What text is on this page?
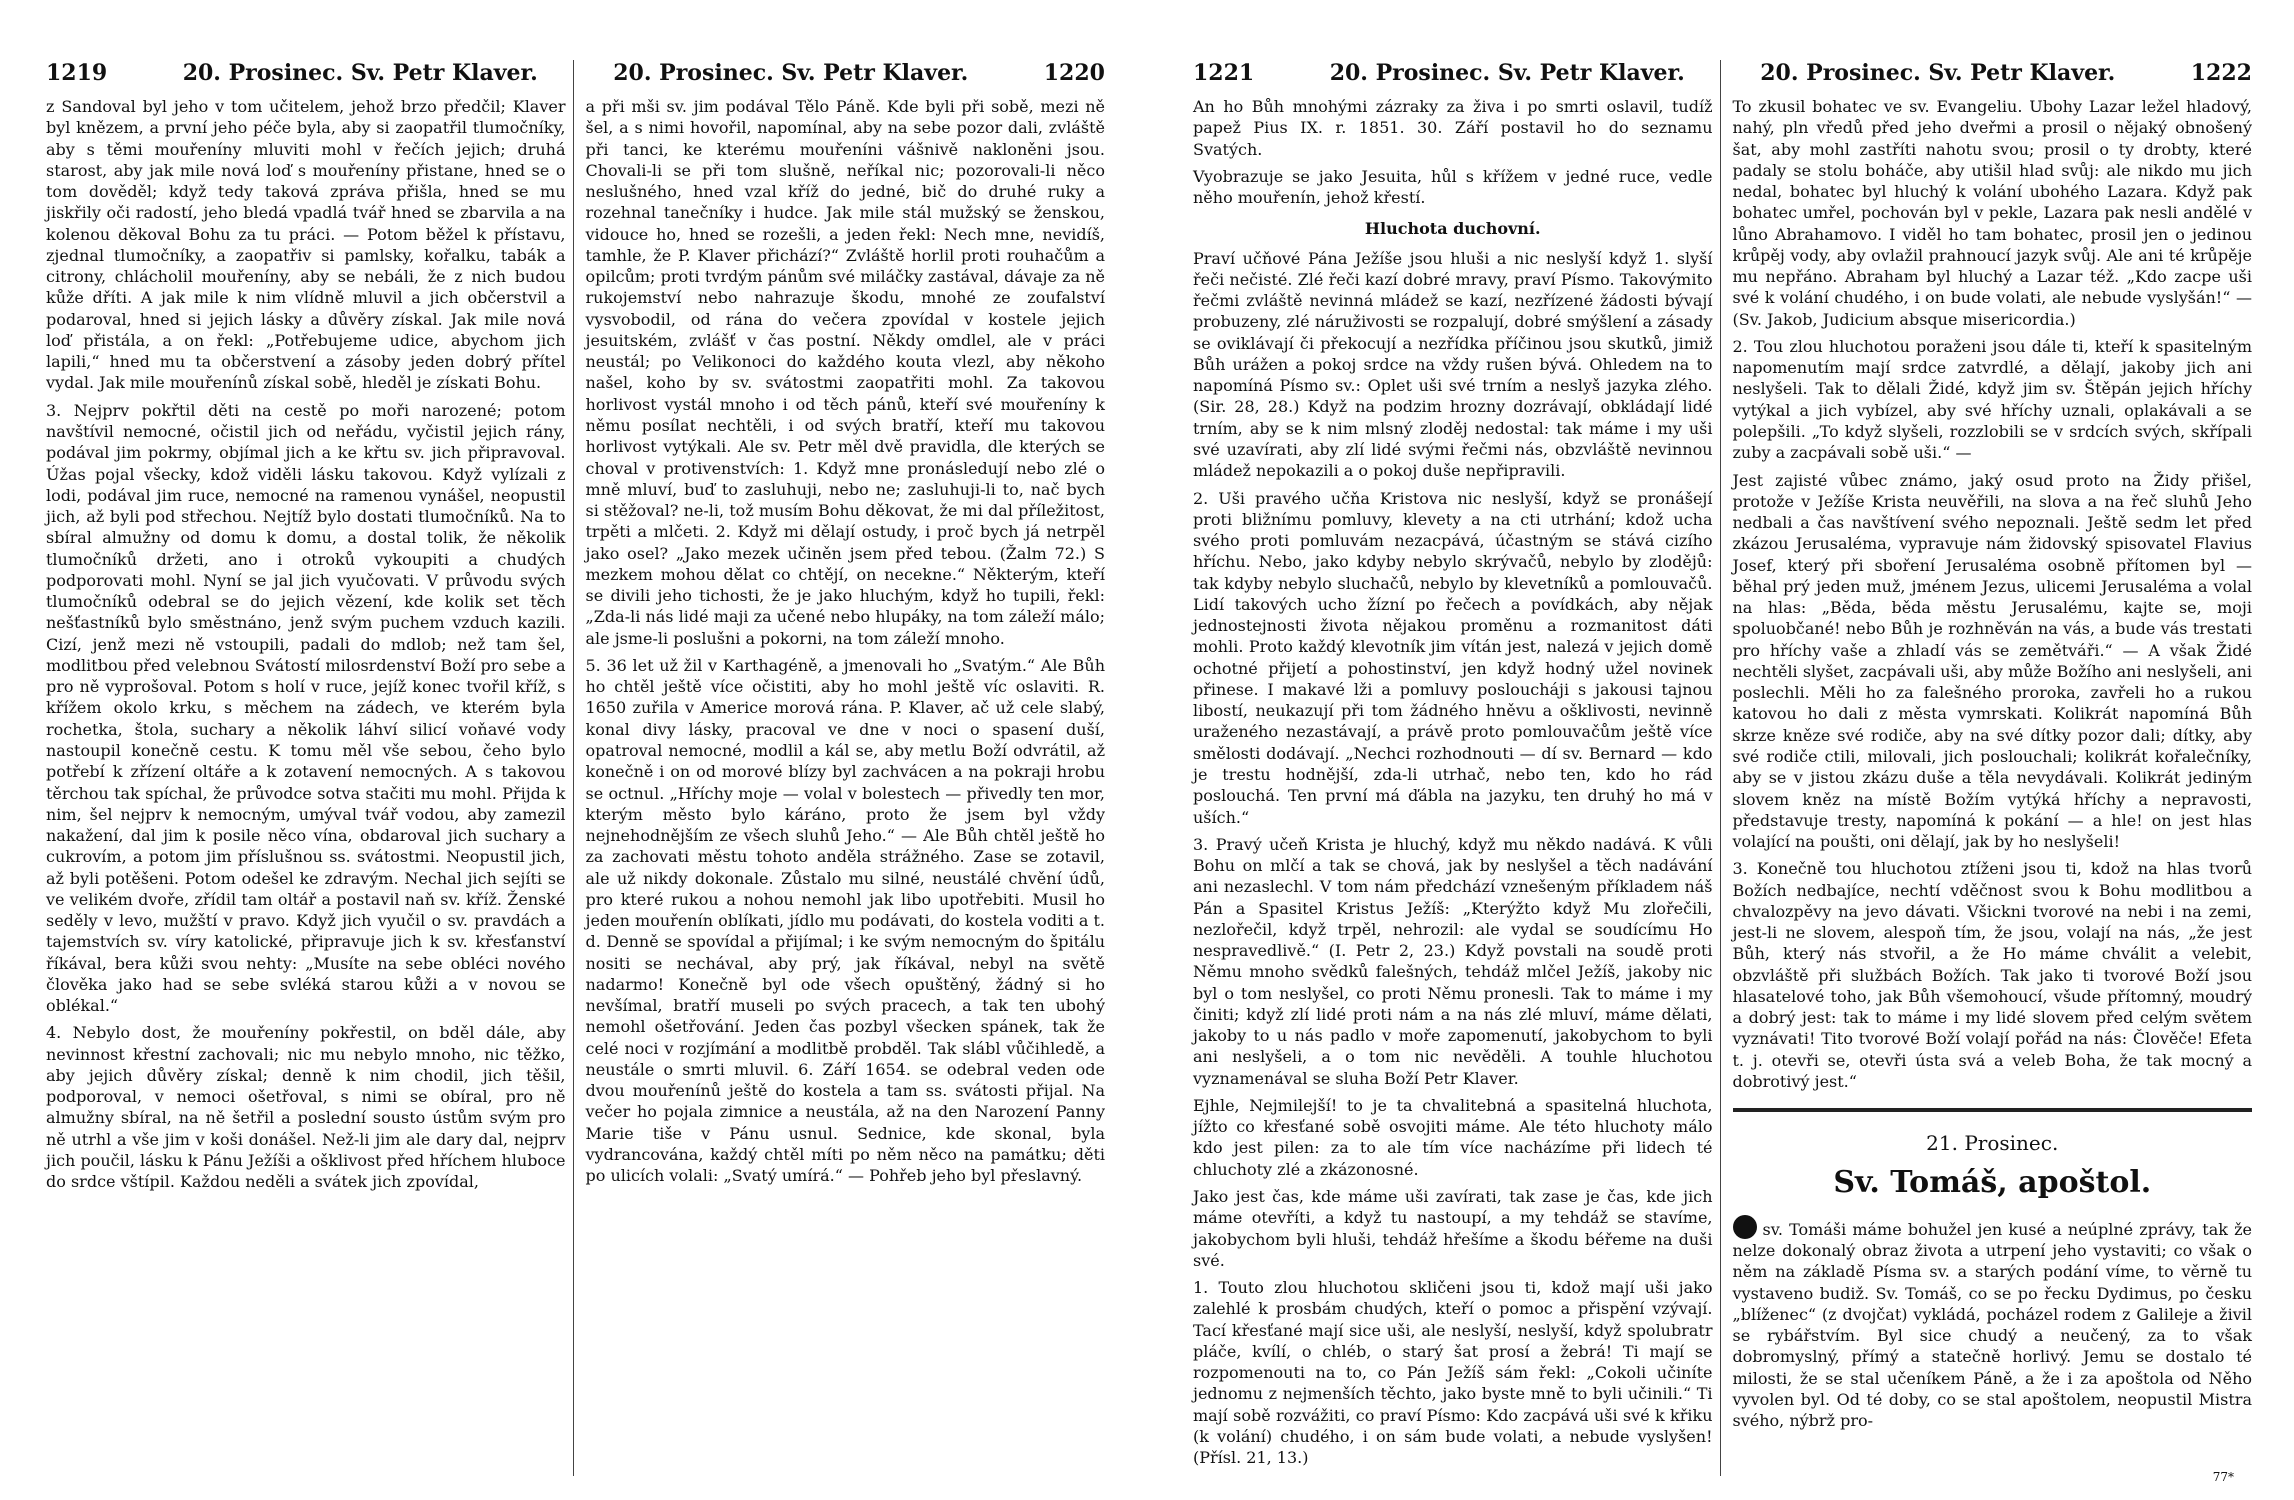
1219	20. Prosinec. Sv. Petr Klaver.	20. Prosinec. Sv. Petr Klaver.	1220

z Sandoval byl jeho v tom učitelem, jehož brzo předčil; Klaver byl knězem, a první jeho péče byla, aby si zaopatřil tlumočníky, aby s těmi mouřeníny mluviti mohl v řečích jejich; druhá starost, aby jak mile nová loď s mouřeníny přistane, hned se o tom dověděl; když tedy taková zpráva přišla, hned se mu jiskřily oči radostí, jeho bledá vpadlá tvář hned se zbarvila a na kolenou děkoval Bohu za tu práci. — Potom běžel k přístavu, zjednal tlumočníky, a zaopatřiv si pamlsky, kořalku, tabák a citrony, chlácholil mouřeníny, aby se nebáli, že z nich budou kůže dříti. A jak mile k nim vlídně mluvil a jich občerstvil a podaroval, hned si jejich lásky a důvěry získal. Jak mile nová loď přistála, a on řekl: „Potřebujeme udice, abychom jich lapili,“ hned mu ta občerstvení a zásoby jeden dobrý přítel vydal. Jak mile mouřenínů získal sobě, hleděl je získati Bohu.

3. Nejprv pokřtil děti na cestě po moři narozené; potom navštívil nemocné, očistil jich od neřádu, vyčistil jejich rány, podával jim pokrmy, objímal jich a ke křtu sv. jich připravoval. Úžas pojal všecky, kdož viděli lásku takovou. Když vylízali z lodi, podával jim ruce, nemocné na ramenou vynášel, neopustil jich, až byli pod střechou. Nejtíž bylo dostati tlumočníků. Na to sbíral almužny od domu k domu, a dostal tolik, že několik tlumočníků držeti, ano i otroků vykoupiti a chudých podporovati mohl. Nyní se jal jich vyučovati. V průvodu svých tlumočníků odebral se do jejich vězení, kde kolik set těch nešťastníků bylo směstnáno, jenž svým puchem vzduch kazili. Cizí, jenž mezi ně vstoupili, padali do mdlob; než tam šel, modlitbou před velebnou Svátostí milosrdenství Boží pro sebe a pro ně vyprošoval. Potom s holí v ruce, jejíž konec tvořil kříž, s křížem okolo krku, s měchem na zádech, ve kterém byla rochetka, štola, suchary a několik láhví silicí voňavé vody nastoupil konečně cestu. K tomu měl vše sebou, čeho bylo potřebí k zřízení oltáře a k zotavení nemocných. A s takovou těrchou tak spíchal, že průvodce sotva stačiti mu mohl. Přijda k nim, šel nejprv k nemocným, umýval tvář vodou, aby zamezil nakažení, dal jim k posile něco vína, obdaroval jich suchary a cukrovím, a potom jim příslušnou ss. svátostmi. Neopustil jich, až byli potěšeni. Potom odešel ke zdravým. Nechal jich sejíti se ve velikém dvoře, zřídil tam oltář a postavil naň sv. kříž. Ženské seděly v levo, mužští v pravo. Když jich vyučil o sv. pravdách a tajemstvích sv. víry katolické, připravuje jich k sv. křesťanství říkával, bera kůži svou nehty: „Musíte na sebe obléci nového člověka jako had se sebe svléká starou kůži a v novou se oblékal.“

4. Nebylo dost, že mouřeníny pokřestil, on bděl dále, aby nevinnost křestní zachovali; nic mu nebylo mnoho, nic těžko, aby jejich důvěry získal; denně k nim chodil, jich těšil, podporoval, v nemoci ošetřoval, s nimi se obíral, pro ně almužny sbíral, na ně šetřil a poslední sousto ústům svým pro ně utrhl a vše jim v koši donášel. Než-li jim ale dary dal, nejprv jich poučil, lásku k Pánu Ježíši a ošklivost před hříchem hluboce do srdce vštípil. Každou neděli a svátek jich zpovídal,

a při mši sv. jim podával Tělo Páně. Kde byli při sobě, mezi ně šel, a s nimi hovořil, napomínal, aby na sebe pozor dali, zvláště při tanci, ke kterému mouřeníni vášnivě nakloněni jsou. Chovali-li se při tom slušně, neříkal nic; pozorovali-li něco neslušného, hned vzal kříž do jedné, bič do druhé ruky a rozehnal tanečníky i hudce. Jak mile stál mužský se ženskou, vidouce ho, hned se rozešli, a jeden řekl: Nech mne, nevidíš, tamhle, že P. Klaver přichází?“ Zvláště horlil proti rouhačům a opilcům; proti tvrdým pánům své miláčky zastával, dávaje za ně rukojemství nebo nahrazuje škodu, mnohé ze zoufalství vysvobodil, od rána do večera zpovídal v kostele jejich jesuitském, zvlášť v čas postní. Někdy omdlel, ale v práci neustál; po Velikonoci do každého kouta vlezl, aby někoho našel, koho by sv. svátostmi zaopatřiti mohl. Za takovou horlivost vystál mnoho i od těch pánů, kteří své mouřeníny k němu posílat nechtěli, i od svých bratří, kteří mu takovou horlivost vytýkali. Ale sv. Petr měl dvě pravidla, dle kterých se choval v protivenstvích: 1. Když mne pronásledují nebo zlé o mně mluví, buď to zasluhuji, nebo ne; zasluhuji-li to, nač bych si stěžoval? ne-li, tož musím Bohu děkovat, že mi dal příležitost, trpěti a mlčeti. 2. Když mi dělají ostudy, i proč bych já netrpěl jako osel? „Jako mezek učiněn jsem před tebou. (Žalm 72.) S mezkem mohou dělat co chtějí, on necekne.“ Některým, kteří se divili jeho tichosti, že je jako hluchým, když ho tupili, řekl: „Zda-li nás lidé maji za učené nebo hlupáky, na tom záleží málo; ale jsme-li poslušni a pokorni, na tom záleží mnoho.

5. 36 let už žil v Karthagéně, a jmenovali ho „Svatým.“ Ale Bůh ho chtěl ještě více očistiti, aby ho mohl ještě víc oslaviti. R. 1650 zuřila v Americe morová rána. P. Klaver, ač už cele slabý, konal divy lásky, pracoval ve dne v noci o spasení duší, opatroval nemocné, modlil a kál se, aby metlu Boží odvrátil, až konečně i on od morové blízy byl zachvácen a na pokraji hrobu se octnul. „Hříchy moje — volal v bolestech — přivedly ten mor, kterým město bylo káráno, proto že jsem byl vždy nejnehodnějším ze všech sluhů Jeho.“ — Ale Bůh chtěl ještě ho za zachovati městu tohoto anděla strážného. Zase se zotavil, ale už nikdy dokonale. Zůstalo mu silné, neustálé chvění údů, pro které rukou a nohou nemohl jak libo upotřebiti. Musil ho jeden mouřenín oblíkati, jídlo mu podávati, do kostela voditi a t. d. Denně se spovídal a přijímal; i ke svým nemocným do špitálu nositi se nechával, aby prý, jak říkával, nebyl na světě nadarmo! Konečně byl ode všech opuštěný, žádný si ho nevšímal, bratří museli po svých pracech, a tak ten ubohý nemohl ošetřování. Jeden čas pozbyl všecken spánek, tak že celé noci v rozjímání a modlitbě probděl. Tak slábl vůčihledě, a neustále o smrti mluvil. 6. Září 1654. se odebral veden ode dvou mouřenínů ještě do kostela a tam ss. svátosti přijal. Na večer ho pojala zimnice a neustála, až na den Narození Panny Marie tiše v Pánu usnul. Sednice, kde skonal, byla vydrancována, každý chtěl míti po něm něco na památku; děti po ulicích volali: „Svatý umírá.“ — Pohřeb jeho byl přeslavný.

1221	20. Prosinec. Sv. Petr Klaver.	20. Prosinec. Sv. Petr Klaver.	1222

An ho Bůh mnohými zázraky za živa i po smrti oslavil, tudíž papež Pius IX. r. 1851. 30. Září postavil ho do seznamu Svatých.

Vyobrazuje se jako Jesuita, hůl s křížem v jedné ruce, vedle něho mouřenín, jehož křestí.

Hluchota duchovní.

Praví učňové Pána Ježíše jsou hluši a nic neslyší když 1. slyší řeči nečisté. Zlé řeči kazí dobré mravy, praví Písmo. Takovýmito řečmi zvláště nevinná mládež se kazí, nezřízené žádosti bývají probuzeny, zlé náruživosti se rozpalují, dobré smýšlení a zásady se oviklávají či překocují a nezřídka příčinou jsou skutků, jimiž Bůh urážen a pokoj srdce na vždy rušen bývá. Ohledem na to napomíná Písmo sv.: Oplet uši své trním a neslyš jazyka zlého. (Sir. 28, 28.) Když na podzim hrozny dozrávají, obkládají lidé trním, aby se k nim mlsný zloděj nedostal: tak máme i my uši své uzavírati, aby zlí lidé svými řečmi nás, obzvláště nevinnou mládež nepokazili a o pokoj duše nepřipravili.

2. Uši pravého učňa Kristova nic neslyší, když se pronášejí proti bližnímu pomluvy, klevety a na cti utrhání; kdož ucha svého proti pomluvám nezacpává, účastným se stává cizího hříchu. Nebo, jako kdyby nebylo skrývačů, nebylo by zlodějů: tak kdyby nebylo sluchačů, nebylo by klevetníků a pomlouvačů. Lidí takových ucho žízní po řečech a povídkách, aby nějak jednostejnosti života nějakou proměnu a rozmanitost dáti mohli. Proto každý klevotník jim vítán jest, nalezá v jejich domě ochotné přijetí a pohostinství, jen když hodný užel novinek přinese. I makavé lži a pomluvy posloucháji s jakousi tajnou libostí, neukazují při tom žádného hněvu a ošklivosti, nevinně uraženého nezastávají, a právě proto pomlouvačům ještě více smělosti dodávají. „Nechci rozhodnouti — dí sv. Bernard — kdo je trestu hodnější, zda-li utrhač, nebo ten, kdo ho rád poslouchá. Ten první má ďábla na jazyku, ten druhý ho má v uších.“

3. Pravý učeň Krista je hluchý, když mu někdo nadává. K vůli Bohu on mlčí a tak se chová, jak by neslyšel a těch nadávání ani nezaslechl. V tom nám předchází vznešeným příkladem náš Pán a Spasitel Kristus Ježíš: „Kterýžto když Mu zlořečili, nezlořečil, když trpěl, nehrozil: ale vydal se soudícímu Ho nespravedlivě.“ (I. Petr 2, 23.) Když povstali na soudě proti Němu mnoho svědků falešných, tehdáž mlčel Ježíš, jakoby nic byl o tom neslyšel, co proti Němu pronesli. Tak to máme i my činiti; když zlí lidé proti nám a na nás zlé mluví, máme dělati, jakoby to u nás padlo v moře zapomenutí, jakobychom to byli ani neslyšeli, a o tom nic nevěděli. A touhle hluchotou vyznamenával se sluha Boží Petr Klaver.

Ejhle, Nejmilejší! to je ta chvalitebná a spasitelná hluchota, jížto co křesťané sobě osvojiti máme. Ale této hluchoty málo kdo jest pilen: za to ale tím více nacházíme při lidech té chluchoty zlé a zkázonosné.

Jako jest čas, kde máme uši zavírati, tak zase je čas, kde jich máme otevříti, a když tu nastoupí, a my tehdáž se stavíme, jakobychom byli hluši, tehdáž hřešíme a škodu béřeme na duši své.

1. Touto zlou hluchotou skličeni jsou ti, kdož mají uši jako zalehlé k prosbám chudých, kteří o pomoc a přispění vzývají. Tací křesťané mají sice uši, ale neslyší, neslyší, když spolubratr pláče, kvílí, o chléb, o starý šat prosí a žebrá! Ti mají se rozpomenouti na to, co Pán Ježíš sám řekl: „Cokoli učiníte jednomu z nejmenších těchto, jako byste mně to byli učinili.“ Ti mají sobě rozvážiti, co praví Písmo: Kdo zacpává uši své k křiku (k volání) chudého, i on sám bude volati, a nebude vyslyšen! (Přísl. 21, 13.)

To zkusil bohatec ve sv. Evangeliu. Ubohy Lazar ležel hladový, nahý, pln vředů před jeho dveřmi a prosil o nějaký obnošený šat, aby mohl zastříti nahotu svou; prosil o ty drobty, které padaly se stolu boháče, aby utišil hlad svůj: ale nikdo mu jich nedal, bohatec byl hluchý k volání ubohého Lazara. Když pak bohatec umřel, pochován byl v pekle, Lazara pak nesli andělé v lůno Abrahamovo. I viděl ho tam bohatec, prosil jen o jedinou krůpěj vody, aby ovlažil prahnoucí jazyk svůj. Ale ani té krůpěje mu nepřáno. Abraham byl hluchý a Lazar též. „Kdo zacpe uši své k volání chudého, i on bude volati, ale nebude vyslyšán!“ — (Sv. Jakob, Judicium absque misericordia.)

2. Tou zlou hluchotou poraženi jsou dále ti, kteří k spasitelným napomenutím mají srdce zatvrdlé, a dělají, jakoby jich ani neslyšeli. Tak to dělali Židé, když jim sv. Štěpán jejich hříchy vytýkal a jich vybízel, aby své hříchy uznali, oplakávali a se polepšili. „To když slyšeli, rozzlobili se v srdcích svých, skřípali zuby a zacpávali sobě uši.“ —

Jest zajisté vůbec známo, jaký osud proto na Židy přišel, protože v Ježíše Krista neuvěřili, na slova a na řeč sluhů Jeho nedbali a čas navštívení svého nepoznali. Ještě sedm let před zkázou Jerusaléma, vypravuje nám židovský spisovatel Flavius Josef, který při sboření Jerusaléma osobně přítomen byl — běhal prý jeden muž, jménem Jezus, ulicemi Jerusaléma a volal na hlas: „Běda, běda městu Jerusalému, kajte se, moji spoluobčané! nebo Bůh je rozhněván na vás, a bude vás trestati pro hříchy vaše a zhladí vás se zemětváři.“ — A však Židé nechtěli slyšet, zacpávali uši, aby může Božího ani neslyšeli, ani poslechli. Měli ho za falešného proroka, zavřeli ho a rukou katovou ho dali z města vymrskati. Kolikrát napomíná Bůh skrze kněze své rodiče, aby na své dítky pozor dali; dítky, aby své rodiče ctili, milovali, jich poslouchali; kolikrát kořalečníky, aby se v jistou zkázu duše a těla nevydávali. Kolikrát jediným slovem kněz na místě Božím vytýká hříchy a nepravosti, představuje tresty, napomíná k pokání — a hle! on jest hlas volající na poušti, oni dělají, jak by ho neslyšeli!

3. Konečně tou hluchotou ztíženi jsou ti, kdož na hlas tvorů Božích nedbajíce, nechtí vděčnost svou k Bohu modlitbou a chvalozpěvy na jevo dávati. Všickni tvorové na nebi i na zemi, jest-li ne slovem, alespoň tím, že jsou, volají na nás, „že jest Bůh, který nás stvořil, a že Ho máme chválit a velebit, obzvláště při službách Božích. Tak jako ti tvorové Boží jsou hlasatelové toho, jak Bůh všemohoucí, všude přítomný, moudrý a dobrý jest: tak to máme i my lidé slovem před celým světem vyznávati! Tito tvorové Boží volají pořád na nás: Člověče! Efeta t. j. otevři se, otevři ústa svá a veleb Boha, že tak mocný a dobrotivý jest.“

21. Prosinec.
Sv. Tomáš, apoštol.

sv. Tomáši máme bohužel jen kusé a neúplné zprávy, tak že nelze dokonalý obraz života a utrpení jeho vystaviti; co však o něm na základě Písma sv. a starých podání víme, to věrně tu vystaveno budiž. Sv. Tomáš, co se po řecku Dydimus, po česku „blíženec“ (z dvojčat) vykládá, pocházel rodem z Galileje a živil se rybářstvím. Byl sice chudý a neučený, za to však dobromyslný, přímý a statečně horlivý. Jemu se dostalo té milosti, že se stal učeníkem Páně, a že i za apoštola od Něho vyvolen byl. Od té doby, co se stal apoštolem, neopustil Mistra svého, nýbrž pro-

77*
